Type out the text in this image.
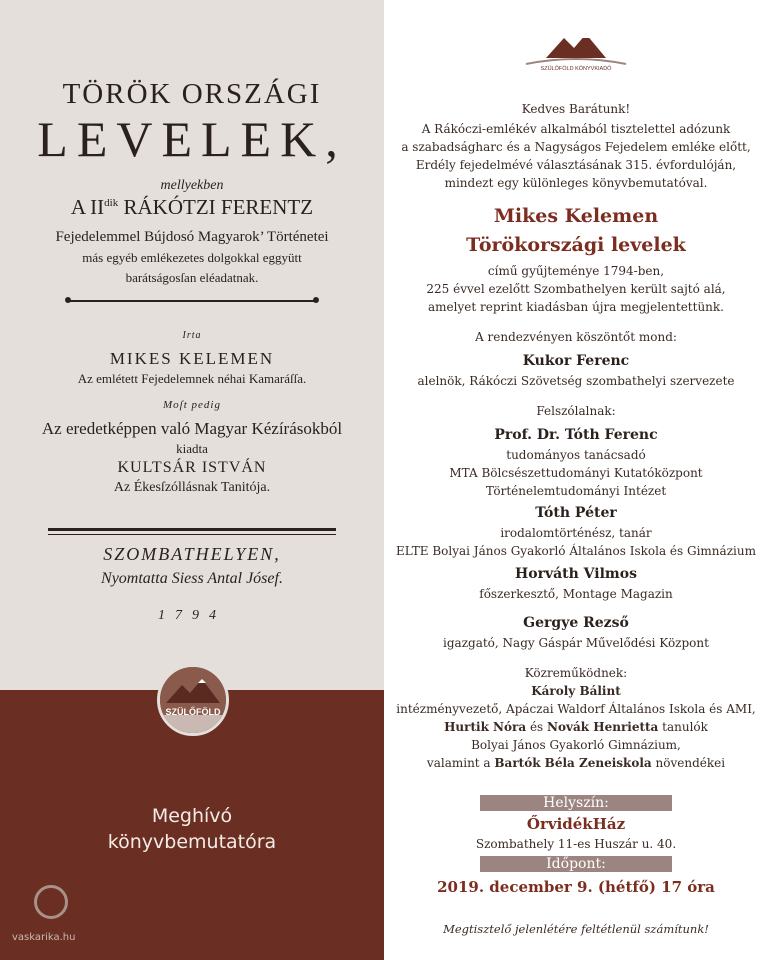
TÖRÖK ORSZÁGI
LEVELEK,
mellyekben
A $II^{dik}$ RÁKÓTZI FERENTZ
Fejedelemmel Bújdosó Magyarok’ Történetei
más egyéb emlékezetes dolgokkal eggyütt
barátságosſan eléadatnak.
Irta
MIKES KELEMEN
Az emlétett Fejedelemnek néhai Kamaráſſa.
Moſt pedig
Az eredetképpen való Magyar Kézírásokból
kiadta
KULTSÁR ISTVÁN
Az Ékesſzóllásnak Tanitója.
SZOMBATHELYEN,
Nyomtatta Siess Antal Jósef.
1794
SZÜLŐFÖLD
Meghívó
könyvbemutatóra
vaskarika.hu
SZÜLŐFÖLD KÖNYVKIADÓ
Kedves Barátunk!
A Rákóczi-emlékév alkalmából tisztelettel adózunk
a szabadságharc és a Nagyságos Fejedelem emléke előtt,
Erdély fejedelmévé választásának 315. évfordulóján,
mindezt egy különleges könyvbemutatóval.
Mikes Kelemen
Törökországi levelek
című gyűjteménye 1794-ben,
225 évvel ezelőtt Szombathelyen került sajtó alá,
amelyet reprint kiadásban újra megjelentettünk.
A rendezvényen köszöntőt mond:
Kukor Ferenc
alelnök, Rákóczi Szövetség szombathelyi szervezete
Felszólalnak:
Prof. Dr. Tóth Ferenc
tudományos tanácsadó
MTA Bölcsészettudományi Kutatóközpont
Történelemtudományi Intézet
Tóth Péter
irodalomtörténész, tanár
ELTE Bolyai János Gyakorló Általános Iskola és Gimnázium
Horváth Vilmos
főszerkesztő, Montage Magazin
Gergye Rezső
igazgató, Nagy Gáspár Művelődési Központ
Közreműködnek:
Károly Bálint
intézményvezető, Apáczai Waldorf Általános Iskola és AMI,
Hurtik Nóra és Novák Henrietta tanulók
Bolyai János Gyakorló Gimnázium,
valamint a Bartók Béla Zeneiskola növendékei
Helyszín:
ŐrvidékHáz
Szombathely 11-es Huszár u. 40.
Időpont:
2019. december 9. (hétfő) 17 óra
Megtisztelő jelenlétére feltétlenül számítunk!
